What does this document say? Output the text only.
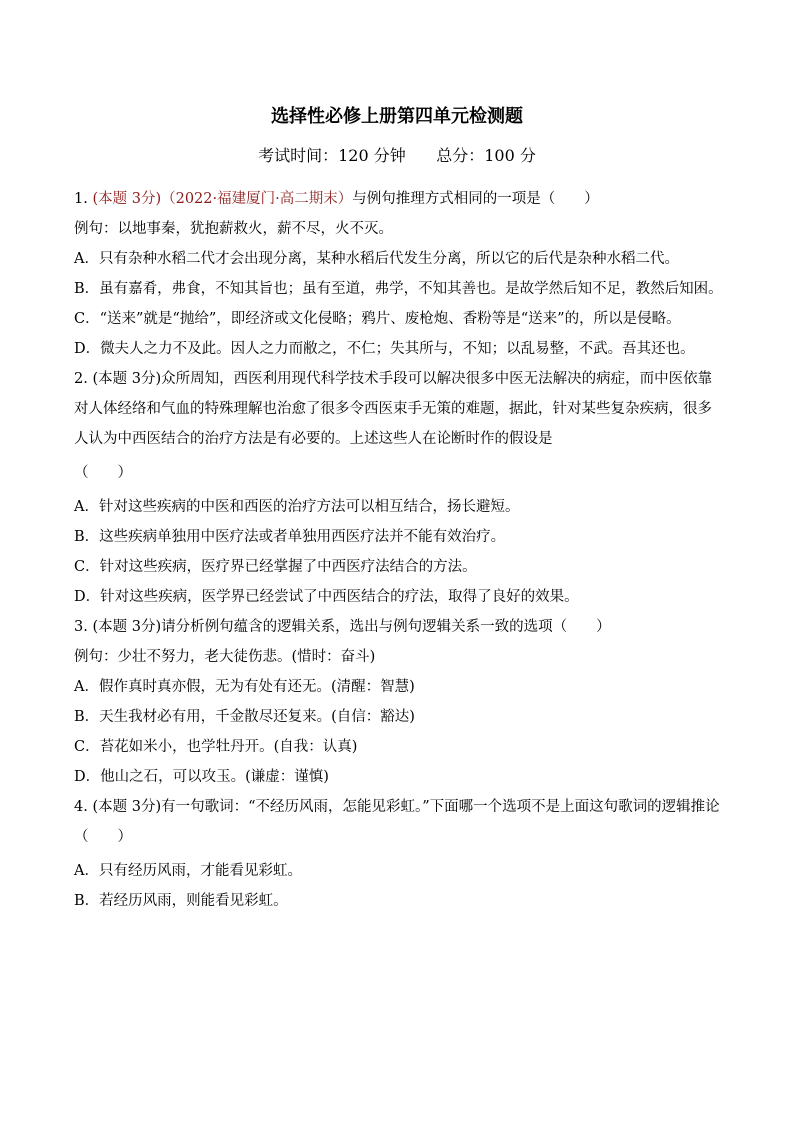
选择性必修上册第四单元检测题
考试时间：120 分钟      总分：100 分

1. (本题 3分)（2022·福建厦门·高二期末）与例句推理方式相同的一项是（　　）

例句：以地事秦，犹抱薪救火，薪不尽，火不灭。

A．只有杂种水稻二代才会出现分离，某种水稻后代发生分离，所以它的后代是杂种水稻二代。

B．虽有嘉肴，弗食，不知其旨也；虽有至道，弗学，不知其善也。是故学然后知不足，教然后知困。

C．“送来”就是“抛给”，即经济或文化侵略；鸦片、废枪炮、香粉等是“送来”的，所以是侵略。

D．微夫人之力不及此。因人之力而敝之，不仁；失其所与，不知；以乱易整，不武。吾其还也。

2. (本题 3分)众所周知，西医利用现代科学技术手段可以解决很多中医无法解决的病症，而中医依靠对人体经络和气血的特殊理解也治愈了很多令西医束手无策的难题，据此，针对某些复杂疾病，很多人认为中西医结合的治疗方法是有必要的。上述这些人在论断时作的假设是

（　　）

A．针对这些疾病的中医和西医的治疗方法可以相互结合，扬长避短。

B．这些疾病单独用中医疗法或者单独用西医疗法并不能有效治疗。

C．针对这些疾病，医疗界已经掌握了中西医疗法结合的方法。

D．针对这些疾病，医学界已经尝试了中西医结合的疗法，取得了良好的效果。

3. (本题 3分)请分析例句蕴含的逻辑关系，选出与例句逻辑关系一致的选项（　　）

例句：少壮不努力，老大徒伤悲。(惜时：奋斗)

A．假作真时真亦假，无为有处有还无。(清醒：智慧)

B．天生我材必有用，千金散尽还复来。(自信：豁达)

C．苔花如米小，也学牡丹开。(自我：认真)

D．他山之石，可以攻玉。(谦虚：谨慎)

4. (本题 3分)有一句歌词：“不经历风雨，怎能见彩虹。”下面哪一个选项不是上面这句歌词的逻辑推论（　　）

A．只有经历风雨，才能看见彩虹。

B．若经历风雨，则能看见彩虹。
